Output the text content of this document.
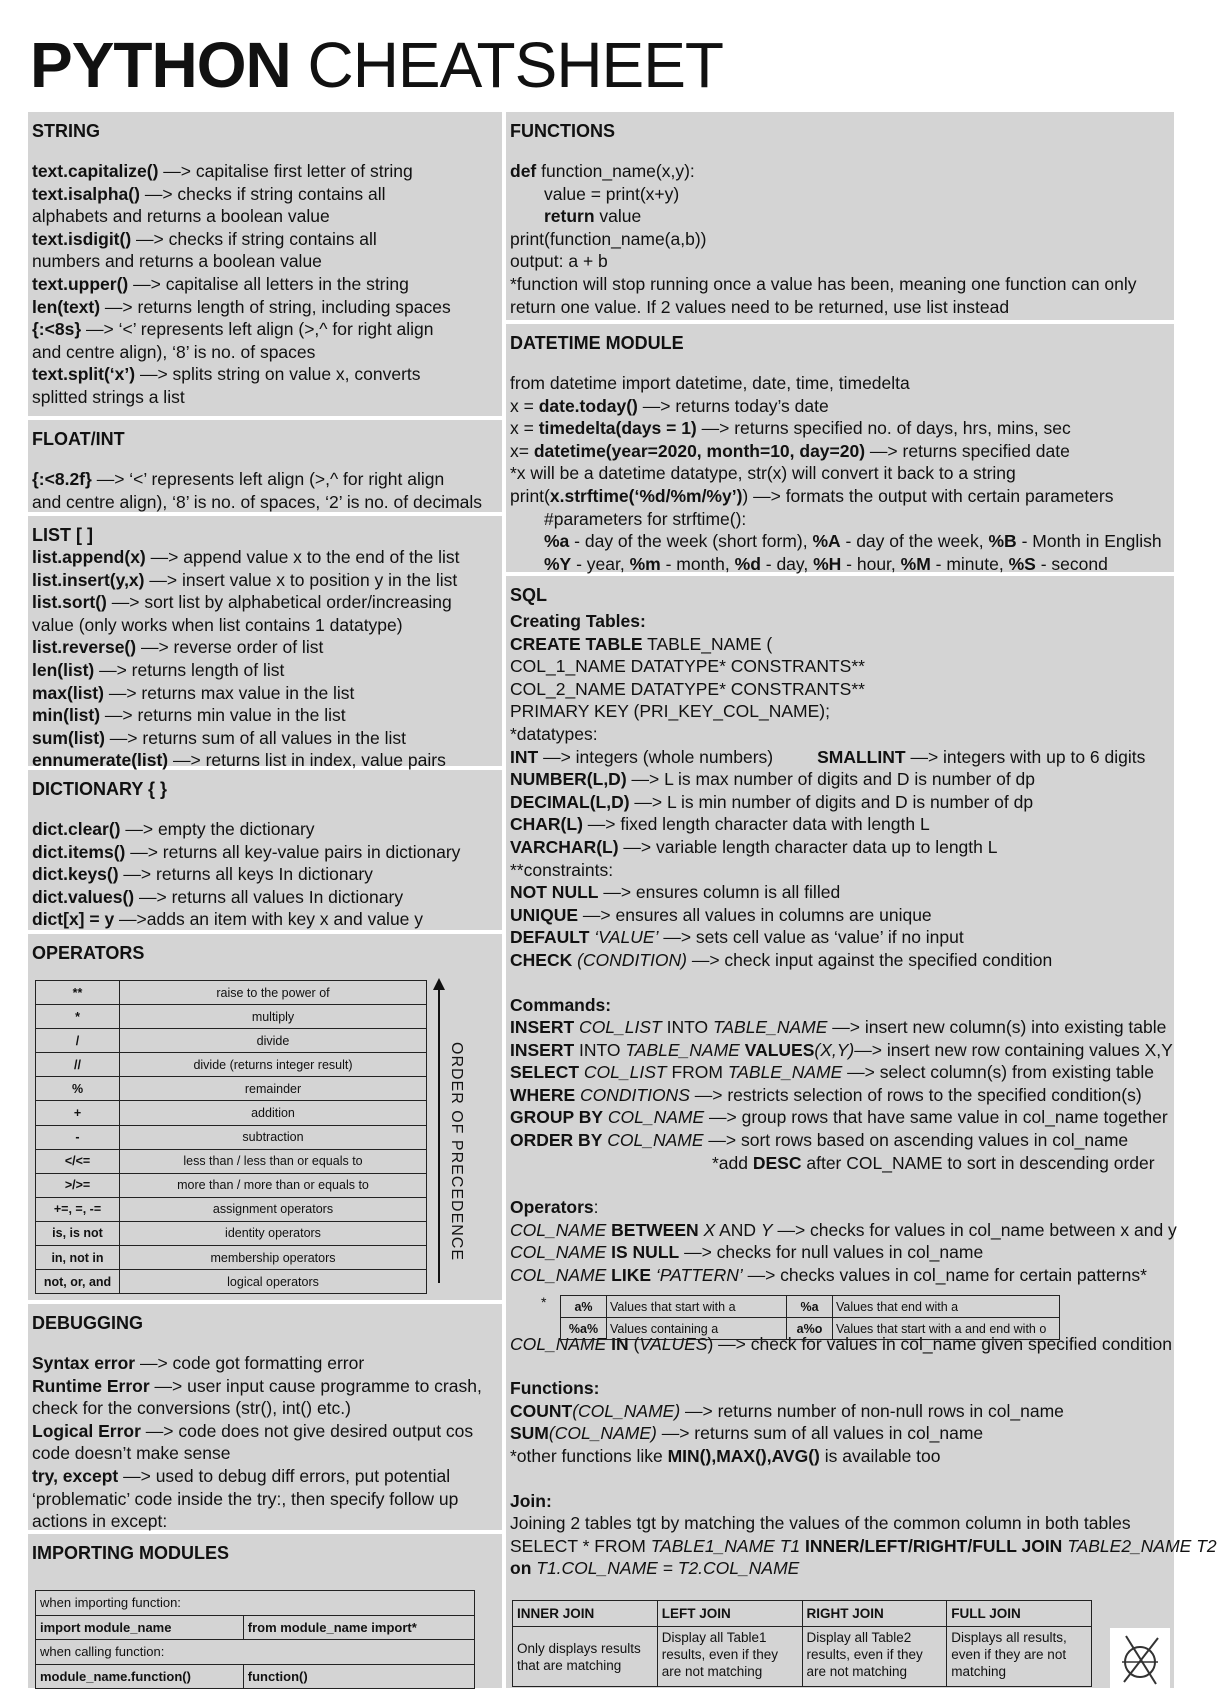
PYTHON CHEATSHEET
STRING
text.capitalize() —> capitalise first letter of string
text.isalpha() —> checks if string contains all
alphabets and returns a boolean value
text.isdigit() —> checks if string contains all
numbers and returns a boolean value
text.upper() —> capitalise all letters in the string
len(text) —> returns length of string, including spaces
{:<8s} —> ‘<’ represents left align (>,^ for right align
and centre align), ‘8’ is no. of spaces
text.split(‘x’) —> splits string on value x, converts
splitted strings a list
FLOAT/INT
{:<8.2f} —> ‘<’ represents left align (>,^ for right align
and centre align), ‘8’ is no. of spaces, ‘2’ is no. of decimals
LIST [ ]
list.append(x) —> append value x to the end of the list
list.insert(y,x) —> insert value x to position y in the list
list.sort() —> sort list by alphabetical order/increasing
value (only works when list contains 1 datatype)
list.reverse() —> reverse order of list
len(list) —> returns length of list
max(list) —> returns max value in the list
min(list) —> returns min value in the list
sum(list) —> returns sum of all values in the list
ennumerate(list) —> returns list in index, value pairs
DICTIONARY { }
dict.clear() —> empty the dictionary
dict.items() —> returns all key-value pairs in dictionary
dict.keys() —> returns all keys In dictionary
dict.values() —> returns all values In dictionary
dict[x] = y —>adds an item with key x and value y
OPERATORS
**	raise to the power of
*	multiply
/	divide
//	divide (returns integer result)
%	remainder
+	addition
-	subtraction
</<=	less than / less than or equals to
>/>=	more than / more than or equals to
+=, =, -=	assignment operators
is, is not	identity operators
in, not in	membership operators
not, or, and	logical operators
ORDER OF PRECEDENCE
DEBUGGING
Syntax error —> code got formatting error
Runtime Error —> user input cause programme to crash,
check for the conversions (str(), int() etc.)
Logical Error —> code does not give desired output cos
code doesn’t make sense
try, except —> used to debug diff errors, put potential
‘problematic’ code inside the try:, then specify follow up
actions in except:
IMPORTING MODULES
when importing function:	
import module_name	from module_name import*
when calling function:	
module_name.function()	function()
FUNCTIONS
def function_name(x,y):
value = print(x+y)
return value
print(function_name(a,b))
output: a + b
*function will stop running once a value has been, meaning one function can only
return one value. If 2 values need to be returned, use list instead
DATETIME MODULE
from datetime import datetime, date, time, timedelta
x = date.today() —> returns today’s date
x = timedelta(days = 1) —> returns specified no. of days, hrs, mins, sec
x= datetime(year=2020, month=10, day=20) —> returns specified date
*x will be a datetime datatype, str(x) will convert it back to a string
print(x.strftime(‘%d/%m/%y’)) —> formats the output with certain parameters
#parameters for strftime():
%a - day of the week (short form), %A - day of the week, %B - Month in English
%Y - year, %m - month, %d - day, %H - hour, %M - minute, %S - second
SQL
Creating Tables:
CREATE TABLE TABLE_NAME (
COL_1_NAME DATATYPE* CONSTRANTS**
COL_2_NAME DATATYPE* CONSTRANTS**
PRIMARY KEY (PRI_KEY_COL_NAME);
*datatypes:
INT —> integers (whole numbers)	SMALLINT —> integers with up to 6 digits
NUMBER(L,D) —> L is max number of digits and D is number of dp
DECIMAL(L,D) —> L is min number of digits and D is number of dp
CHAR(L) —> fixed length character data with length L
VARCHAR(L) —> variable length character data up to length L
**constraints:
NOT NULL —> ensures column is all filled
UNIQUE —> ensures all values in columns are unique
DEFAULT ‘VALUE’ —> sets cell value as ‘value’ if no input
CHECK (CONDITION) —> check input against the specified condition
Commands:
INSERT COL_LIST INTO TABLE_NAME —> insert new column(s) into existing table
INSERT INTO TABLE_NAME VALUES(X,Y)—> insert new row containing values X,Y
SELECT COL_LIST FROM TABLE_NAME —> select column(s) from existing table
WHERE CONDITIONS —> restricts selection of rows to the specified condition(s)
GROUP BY COL_NAME —> group rows that have same value in col_name together
ORDER BY COL_NAME —> sort rows based on ascending values in col_name
*add DESC after COL_NAME to sort in descending order
Operators:
COL_NAME BETWEEN X AND Y —> checks for values in col_name between x and y
COL_NAME IS NULL —> checks for null values in col_name
COL_NAME LIKE ‘PATTERN’ —> checks values in col_name for certain patterns*
COL_NAME IN (VALUES) —> check for values in col_name given specified condition
Functions:
COUNT(COL_NAME) —> returns number of non-null rows in col_name
SUM(COL_NAME) —> returns sum of all values in col_name
*other functions like MIN(),MAX(),AVG() is available too
Join:
Joining 2 tables tgt by matching the values of the common column in both tables
SELECT * FROM TABLE1_NAME T1 INNER/LEFT/RIGHT/FULL JOIN TABLE2_NAME T2
on T1.COL_NAME = T2.COL_NAME
* a%	Values that start with a	%a	Values that end with a
%a%	Values containing a	a%o	Values that start with a and end with o
INNER JOIN	LEFT JOIN	RIGHT JOIN	FULL JOIN
Only displays results that are matching	Display all Table1 results, even if they are not matching	Display all Table2 results, even if they are not matching	Displays all results, even if they are not matching
